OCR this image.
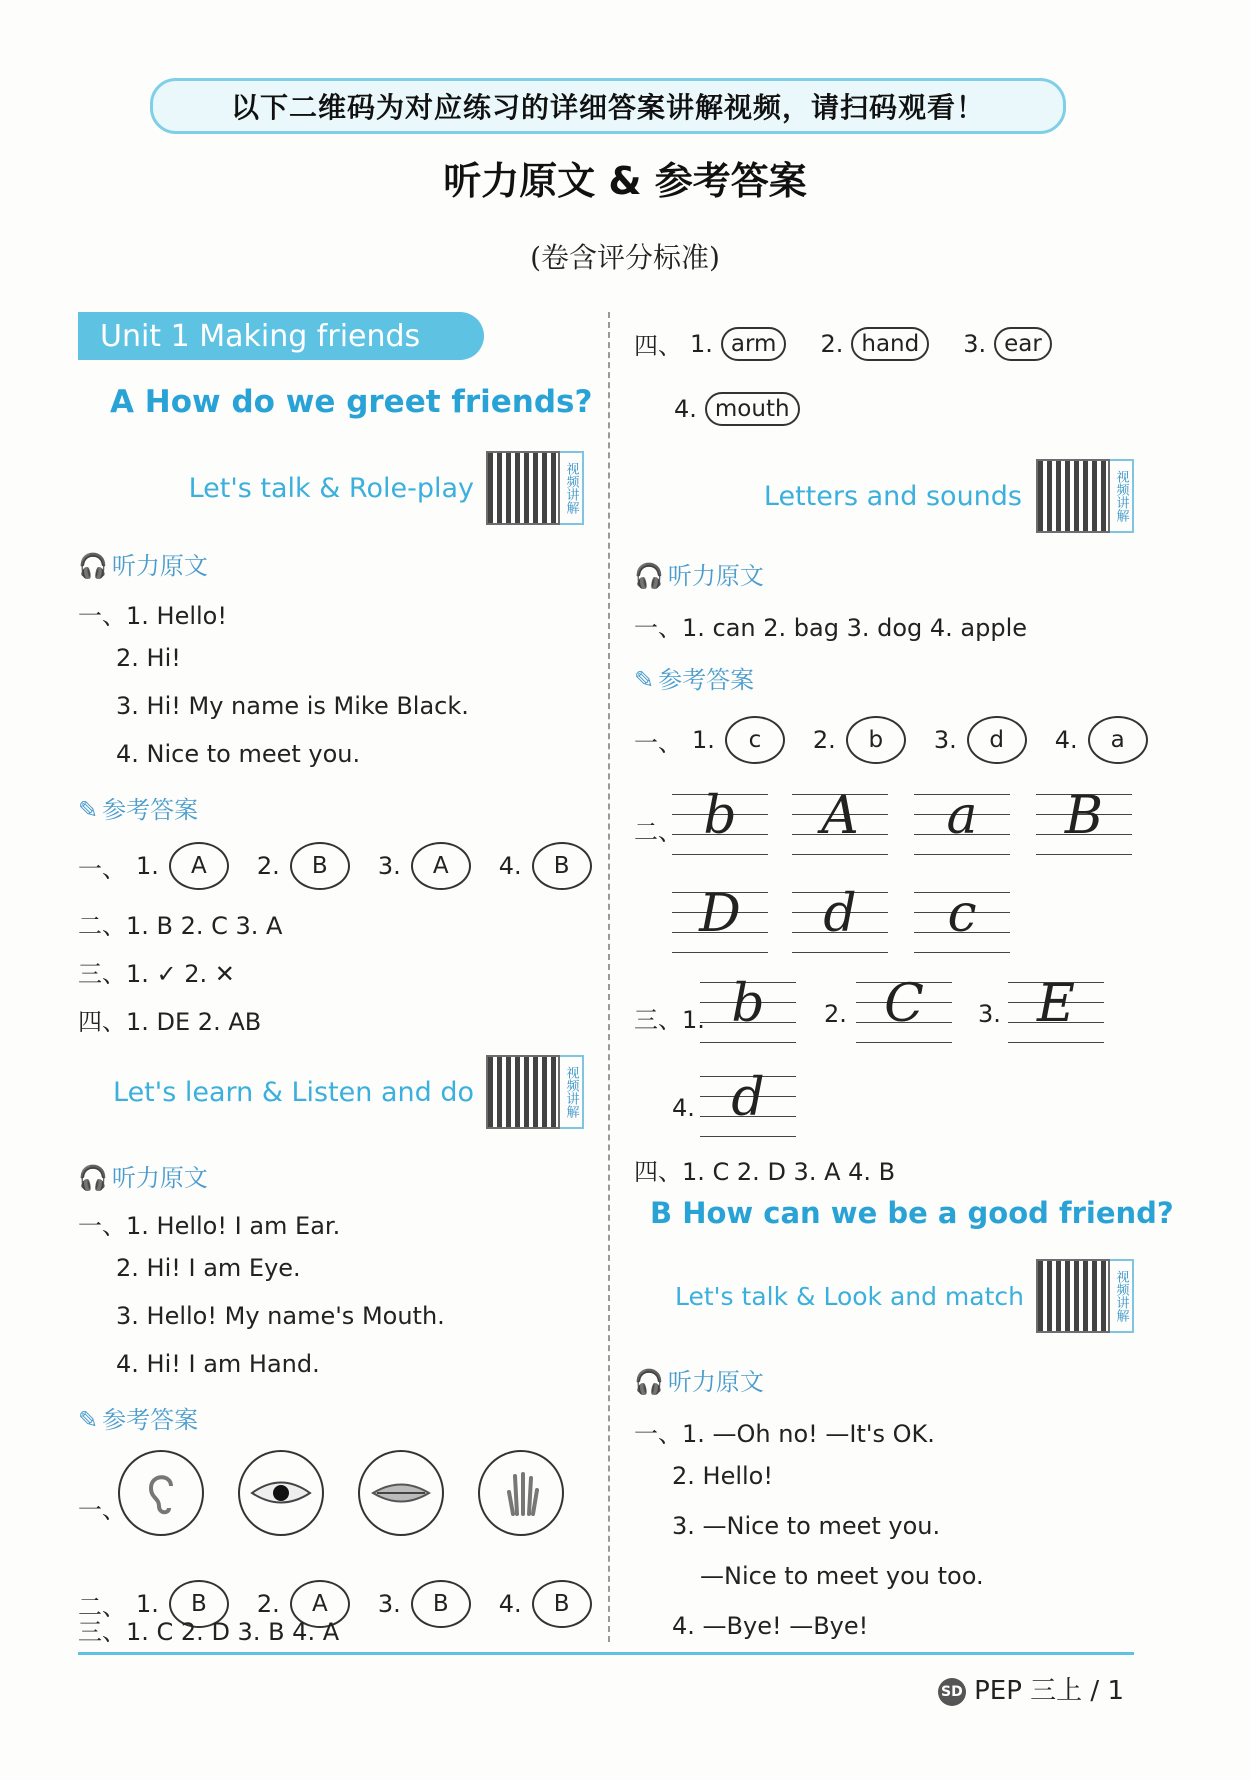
以下二维码为对应练习的详细答案讲解视频，请扫码观看！
听力原文 & 参考答案
(卷含评分标准)
Unit 1 Making friends
A How do we greet friends?
Let's talk & Role-play	视频讲解
🎧 听力原文
一、1. Hello!
2. Hi!
3. Hi! My name is Mike Black.
4. Nice to meet you.
✎ 参考答案
一、 1.	A	2.	B	3.	A	4.	B
二、1. B 2. C 3. A
三、1. ✓ 2. ✕
四、1. DE 2. AB
Let's learn & Listen and do	视频讲解
🎧 听力原文
一、1. Hello! I am Ear.
2. Hi! I am Eye.
3. Hello! My name's Mouth.
4. Hi! I am Hand.
✎ 参考答案
一、
二、 1.	B	2.	A	3.	B	4.	B
三、1. C 2. D 3. B 4. A
四、 1. arm	2. hand	3. ear
4. mouth
Letters and sounds	视频讲解
🎧 听力原文
一、1. can 2. bag 3. dog 4. apple
✎ 参考答案
一、 1.	c	2.	b	3.	d	4.	a
二、 b	A	a	B
D	d	c
三、1. b	2. C	3. E
4. d
四、1. C 2. D 3. A 4. B
B How can we be a good friend?
Let's talk & Look and match	视频讲解
🎧 听力原文
一、1. —Oh no! —It's OK.
2. Hello!
3. —Nice to meet you.
—Nice to meet you too.
4. —Bye! —Bye!
SD PEP 三上 / 1
